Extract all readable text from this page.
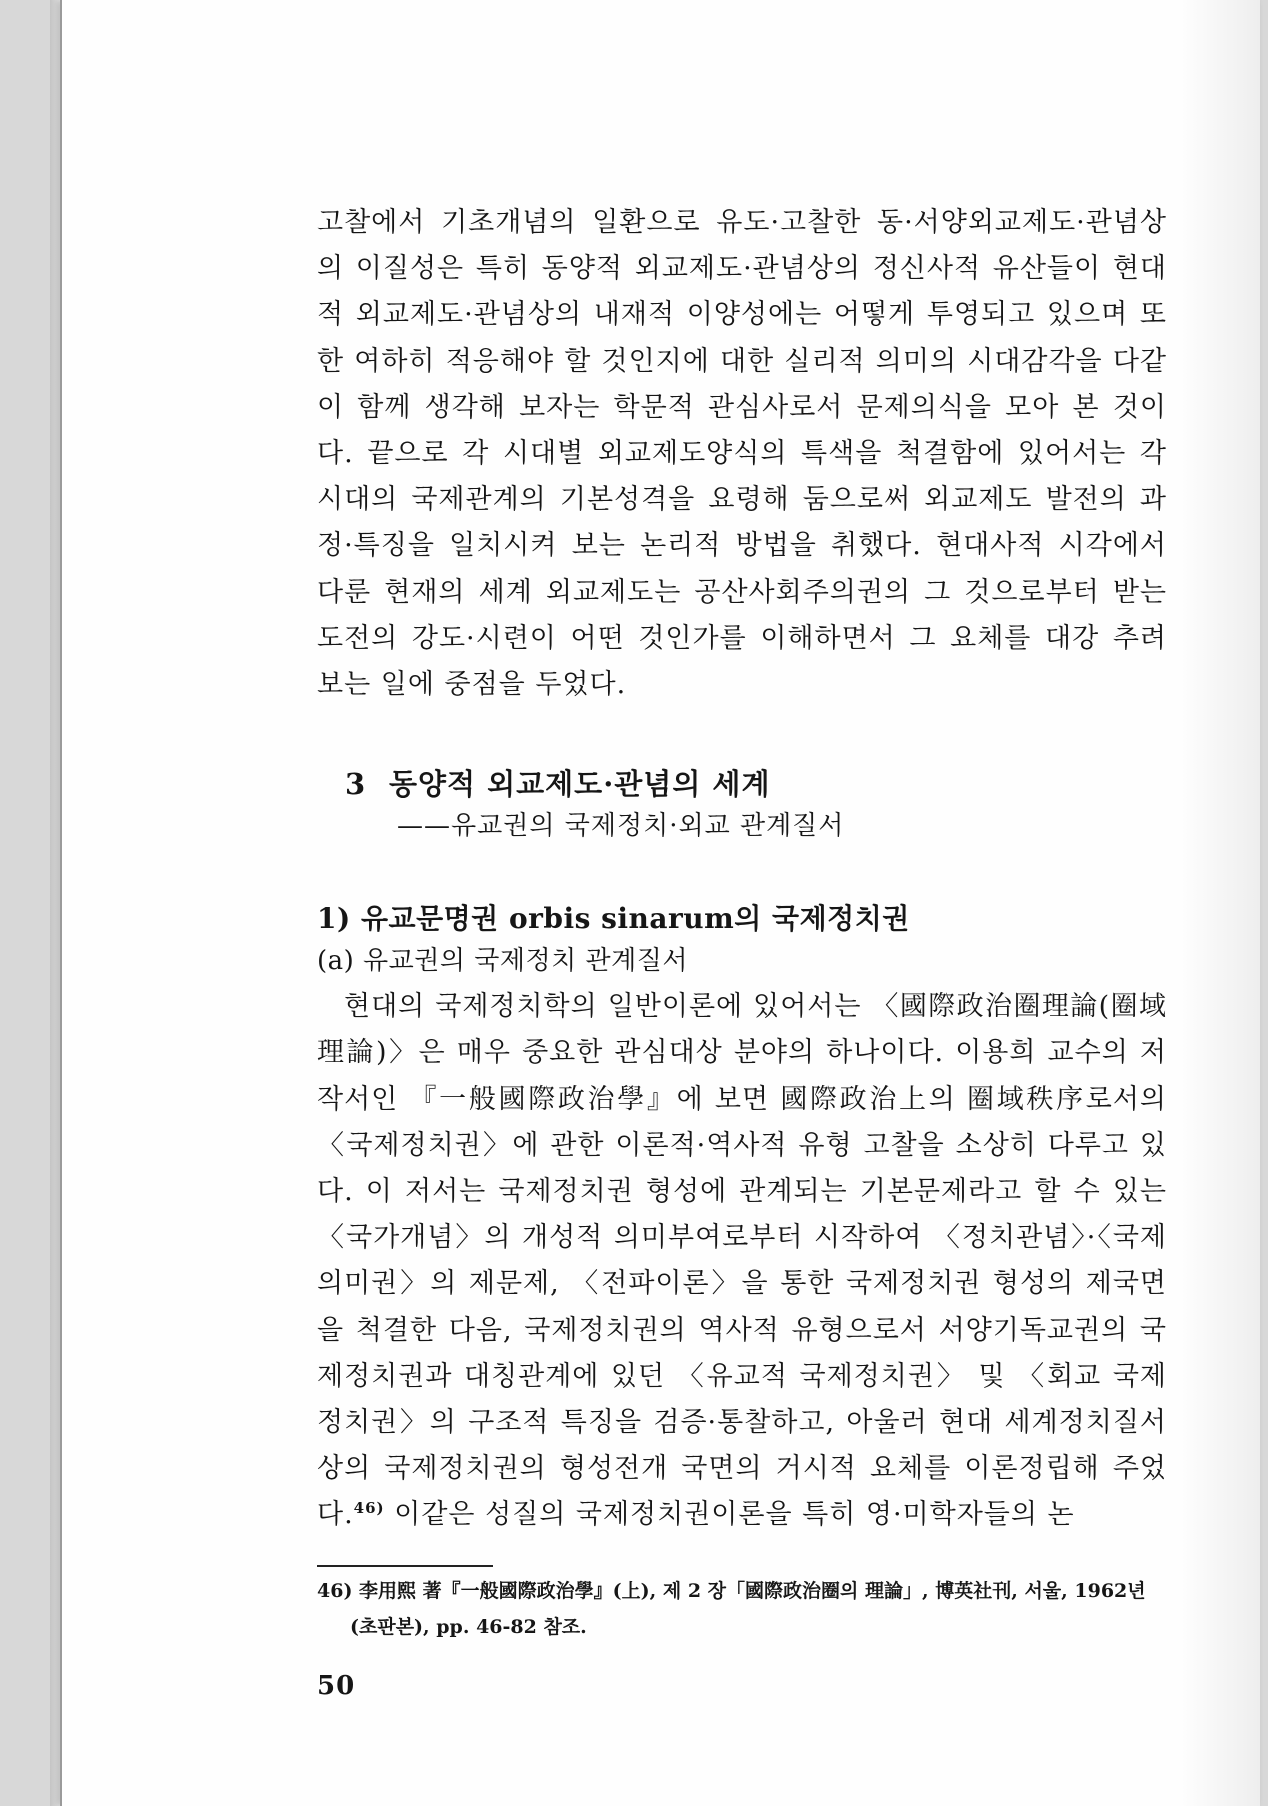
고찰에서 기초개념의 일환으로 유도·고찰한 동·서양외교제도·관념상의 이질성은 특히 동양적 외교제도·관념상의 정신사적 유산들이 현대적 외교제도·관념상의 내재적 이양성에는 어떻게 투영되고 있으며 또한 여하히 적응해야 할 것인지에 대한 실리적 의미의 시대감각을 다같이 함께 생각해 보자는 학문적 관심사로서 문제의식을 모아 본 것이다. 끝으로 각 시대별 외교제도양식의 특색을 척결함에 있어서는 각 시대의 국제관계의 기본성격을 요령해 둠으로써 외교제도 발전의 과정·특징을 일치시켜 보는 논리적 방법을 취했다. 현대사적 시각에서 다룬 현재의 세계 외교제도는 공산사회주의권의 그 것으로부터 받는 도전의 강도·시련이 어떤 것인가를 이해하면서 그 요체를 대강 추려 보는 일에 중점을 두었다.

3 동양적 외교제도·관념의 세계
——유교권의 국제정치·외교 관계질서
1) 유교문명권 orbis sinarum의 국제정치권
(a) 유교권의 국제정치 관계질서

현대의 국제정치학의 일반이론에 있어서는 〈國際政治圈理論(圈域理論)〉은 매우 중요한 관심대상 분야의 하나이다. 이용희 교수의 저작서인 『一般國際政治學』에 보면 國際政治上의 圈域秩序로서의 〈국제정치권〉에 관한 이론적·역사적 유형 고찰을 소상히 다루고 있다. 이 저서는 국제정치권 형성에 관계되는 기본문제라고 할 수 있는 〈국가개념〉의 개성적 의미부여로부터 시작하여 〈정치관념〉·〈국제의미권〉의 제문제, 〈전파이론〉을 통한 국제정치권 형성의 제국면을 척결한 다음, 국제정치권의 역사적 유형으로서 서양기독교권의 국제정치권과 대칭관계에 있던 〈유교적 국제정치권〉 및 〈회교 국제정치권〉의 구조적 특징을 검증·통찰하고, 아울러 현대 세계정치질서상의 국제정치권의 형성전개 국면의 거시적 요체를 이론정립해 주었다.$^{46)}$ 이같은 성질의 국제정치권이론을 특히 영·미학자들의 논

46) 李用熙 著『一般國際政治學』(上), 제 2 장「國際政治圈의 理論」, 博英社刊, 서울, 1962년(초판본), pp. 46-82 참조.

50
